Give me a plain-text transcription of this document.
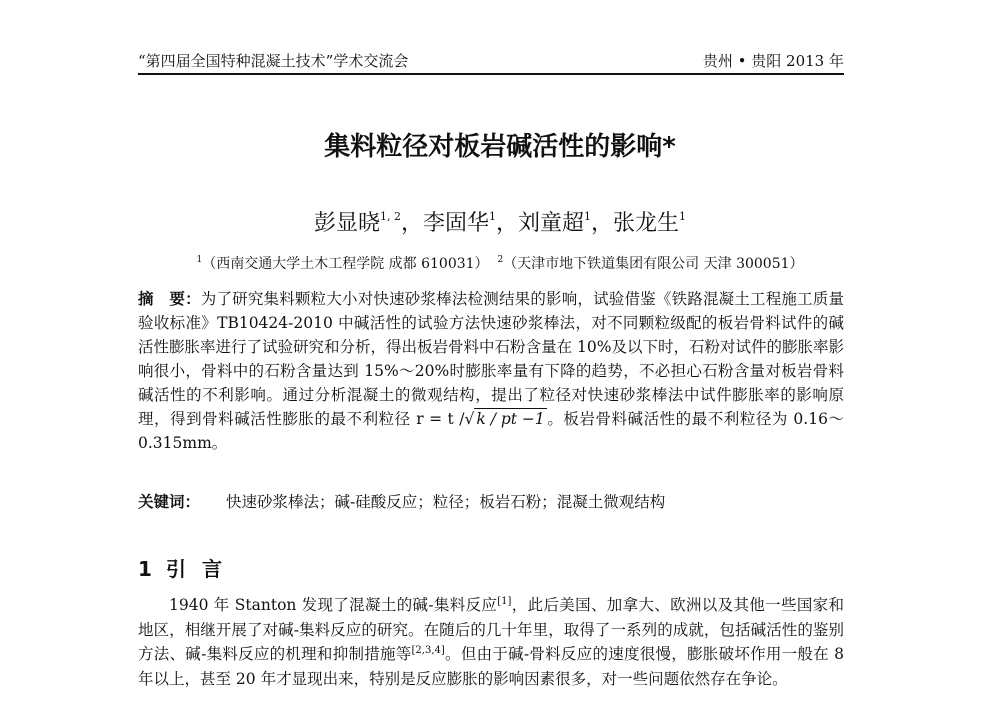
“第四届全国特种混凝土技术”学术交流会	贵州 • 贵阳 2013 年
集料粒径对板岩碱活性的影响*
彭显晓$^{1, 2}$，李固华$^1$，刘童超$^1$，张龙生$^1$
$^1$（西南交通大学土木工程学院 成都 610031） $^2$（天津市地下铁道集团有限公司 天津 300051）
摘　要：为了研究集料颗粒大小对快速砂浆棒法检测结果的影响，试验借鉴《铁路混凝土工程施工质量验收标准》TB10424-2010 中碱活性的试验方法快速砂浆棒法，对不同颗粒级配的板岩骨料试件的碱活性膨胀率进行了试验研究和分析，得出板岩骨料中石粉含量在 10%及以下时，石粉对试件的膨胀率影响很小，骨料中的石粉含量达到 15%～20%时膨胀率量有下降的趋势，不必担心石粉含量对板岩骨料碱活性的不利影响。通过分析混凝土的微观结构，提出了粒径对快速砂浆棒法中试件膨胀率的影响原理，得到骨料碱活性膨胀的最不利粒径 r = t /√ k / pt −1 。板岩骨料碱活性的最不利粒径为 0.16～0.315mm。
关键词： 快速砂浆棒法；碱-硅酸反应；粒径；板岩石粉；混凝土微观结构
1 引言
1940 年 Stanton 发现了混凝土的碱-集料反应[1]，此后美国、加拿大、欧洲以及其他一些国家和地区，相继开展了对碱-集料反应的研究。在随后的几十年里，取得了一系列的成就，包括碱活性的鉴别方法、碱-集料反应的机理和抑制措施等[2,3,4]。但由于碱-骨料反应的速度很慢，膨胀破坏作用一般在 8 年以上，甚至 20 年才显现出来，特别是反应膨胀的影响因素很多，对一些问题依然存在争论。
